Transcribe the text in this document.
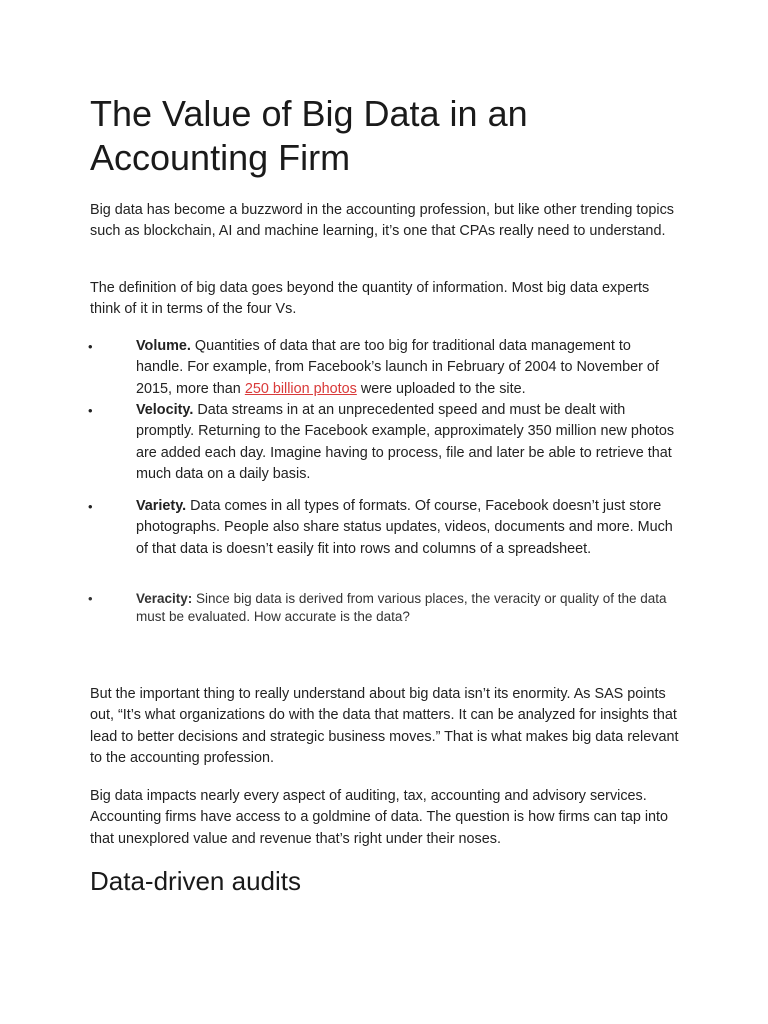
The Value of Big Data in an Accounting Firm

Big data has become a buzzword in the accounting profession, but like other trending topics such as blockchain, AI and machine learning, it’s one that CPAs really need to understand.

The definition of big data goes beyond the quantity of information. Most big data experts think of it in terms of the four Vs.

•	Volume. Quantities of data that are too big for traditional data management to handle. For example, from Facebook’s launch in February of 2004 to November of 2015, more than 250 billion photos were uploaded to the site.
•	Velocity. Data streams in at an unprecedented speed and must be dealt with promptly. Returning to the Facebook example, approximately 350 million new photos are added each day. Imagine having to process, file and later be able to retrieve that much data on a daily basis.
•	Variety. Data comes in all types of formats. Of course, Facebook doesn’t just store photographs. People also share status updates, videos, documents and more. Much of that data is doesn’t easily fit into rows and columns of a spreadsheet.
•	Veracity: Since big data is derived from various places, the veracity or quality of the data must be evaluated. How accurate is the data?

But the important thing to really understand about big data isn’t its enormity. As SAS points out, “It’s what organizations do with the data that matters. It can be analyzed for insights that lead to better decisions and strategic business moves.” That is what makes big data relevant to the accounting profession.

Big data impacts nearly every aspect of auditing, tax, accounting and advisory services. Accounting firms have access to a goldmine of data. The question is how firms can tap into that unexplored value and revenue that’s right under their noses.

Data-driven audits
